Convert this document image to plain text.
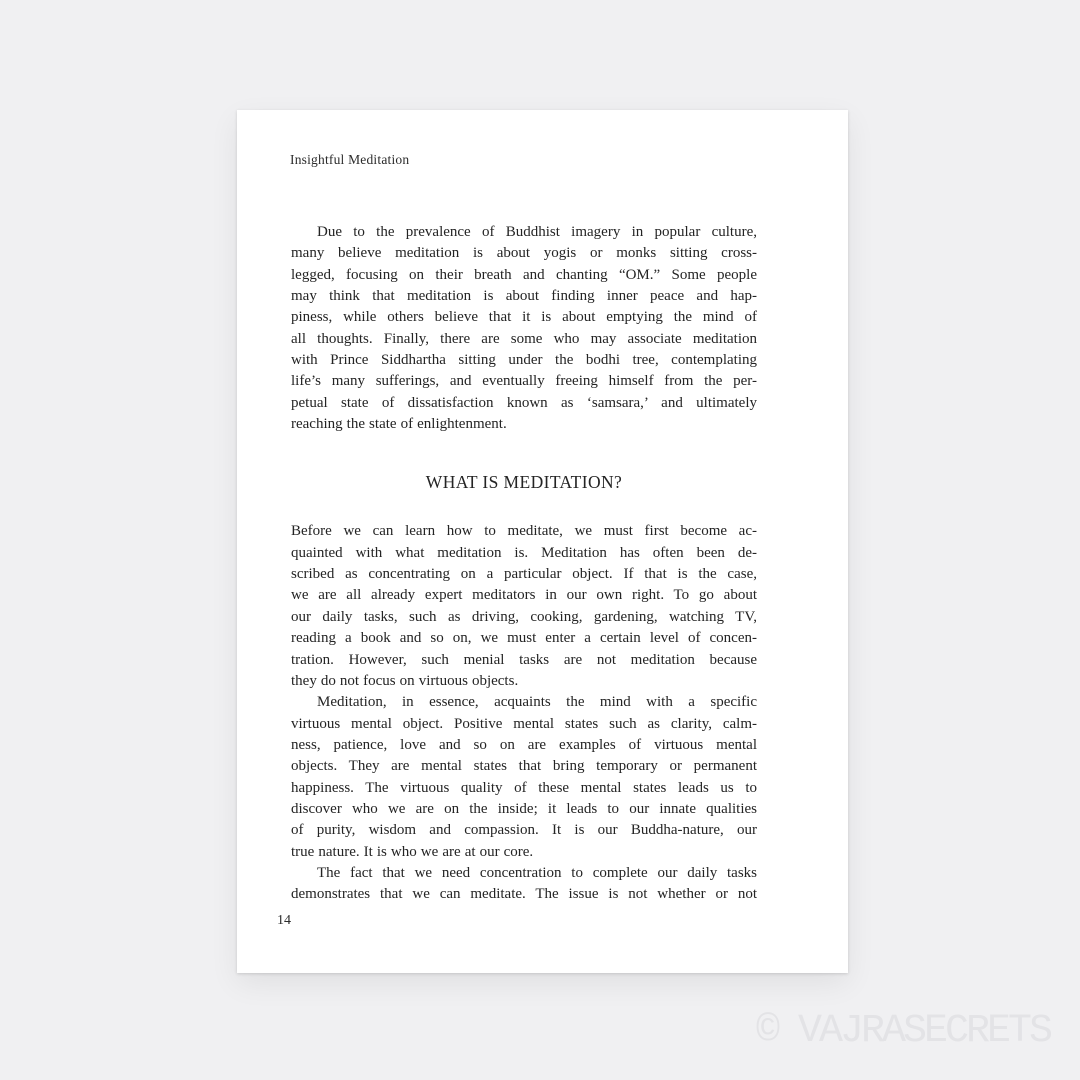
Insightful Meditation
Due to the prevalence of Buddhist imagery in popular culture,
many believe meditation is about yogis or monks sitting cross-
legged, focusing on their breath and chanting “OM.” Some people
may think that meditation is about finding inner peace and hap-
piness, while others believe that it is about emptying the mind of
all thoughts. Finally, there are some who may associate meditation
with Prince Siddhartha sitting under the bodhi tree, contemplating
life’s many sufferings, and eventually freeing himself from the per-
petual state of dissatisfaction known as ‘samsara,’ and ultimately
reaching the state of enlightenment.
WHAT IS MEDITATION?
Before we can learn how to meditate, we must first become ac-
quainted with what meditation is. Meditation has often been de-
scribed as concentrating on a particular object. If that is the case,
we are all already expert meditators in our own right. To go about
our daily tasks, such as driving, cooking, gardening, watching TV,
reading a book and so on, we must enter a certain level of concen-
tration. However, such menial tasks are not meditation because
they do not focus on virtuous objects.
Meditation, in essence, acquaints the mind with a specific
virtuous mental object. Positive mental states such as clarity, calm-
ness, patience, love and so on are examples of virtuous mental
objects. They are mental states that bring temporary or permanent
happiness. The virtuous quality of these mental states leads us to
discover who we are on the inside; it leads to our innate qualities
of purity, wisdom and compassion. It is our Buddha-nature, our
true nature. It is who we are at our core.
The fact that we need concentration to complete our daily tasks
demonstrates that we can meditate. The issue is not whether or not
14
© VAJRASECRETS
